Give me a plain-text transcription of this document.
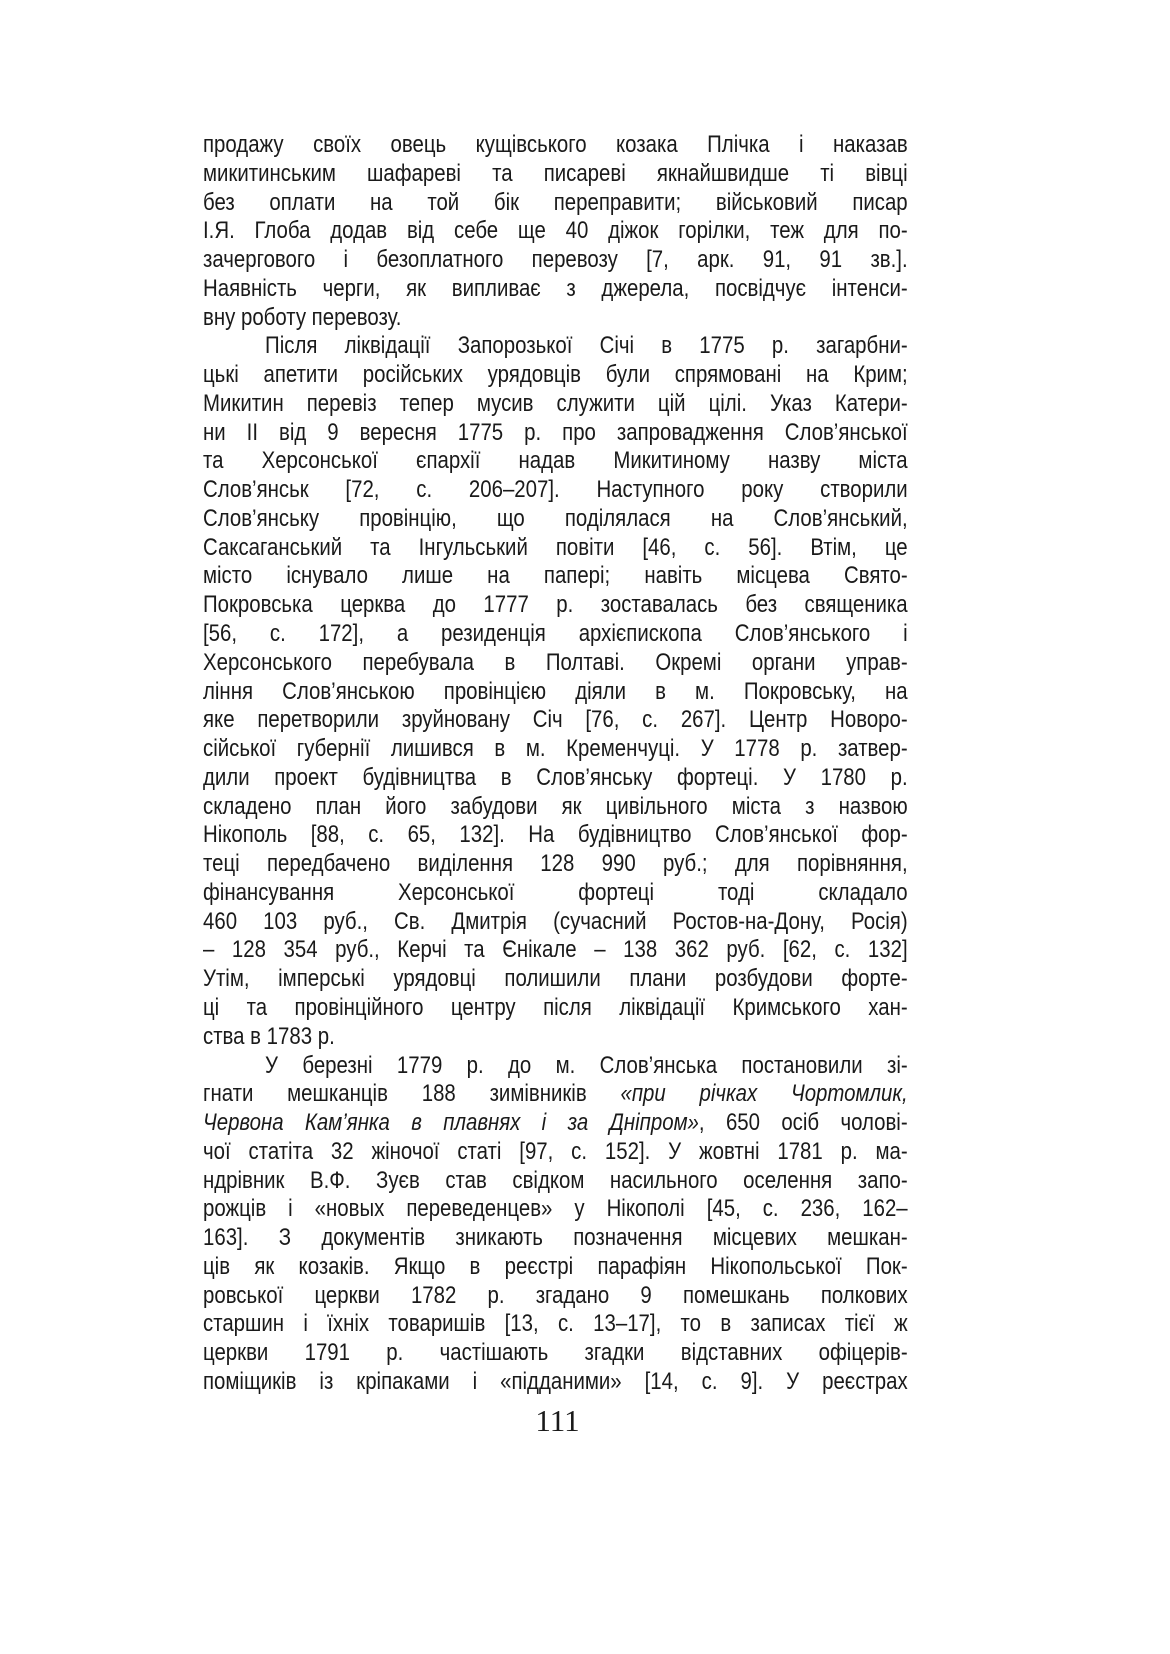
продажу своїх овець кущівського козака Плічка і наказав
микитинським шафареві та писареві якнайшвидше ті вівці
без оплати на той бік переправити; військовий писар
І.Я. Глоба додав від себе ще 40 діжок горілки, теж для по-
зачергового і безоплатного перевозу [7, арк. 91, 91 зв.].
Наявність черги, як випливає з джерела, посвідчує інтенси-
вну роботу перевозу.
Після ліквідації Запорозької Січі в 1775 р. загарбни-
цькі апетити російських урядовців були спрямовані на Крим;
Микитин перевіз тепер мусив служити цій цілі. Указ Катери-
ни II від 9 вересня 1775 р. про запровадження Слов’янської
та Херсонської єпархії надав Микитиному назву міста
Слов’янськ [72, с. 206–207]. Наступного року створили
Слов’янську провінцію, що поділялася на Слов’янський,
Саксаганський та Інгульський повіти [46, с. 56]. Втім, це
місто існувало лише на папері; навіть місцева Свято-
Покровська церква до 1777 р. зоставалась без священика
[56, с. 172], а резиденція архієпископа Слов’янського і
Херсонського перебувала в Полтаві. Окремі органи управ-
ління Слов’янською провінцією діяли в м. Покровську, на
яке перетворили зруйновану Січ [76, с. 267]. Центр Новоро-
сійської губернії лишився в м. Кременчуці. У 1778 р. затвер-
дили проект будівництва в Слов’янську фортеці. У 1780 р.
складено план його забудови як цивільного міста з назвою
Нікополь [88, с. 65, 132]. На будівництво Слов’янської фор-
теці передбачено виділення 128 990 руб.; для порівняння,
фінансування Херсонської фортеці тоді складало
460 103 руб., Св. Дмитрія (сучасний Ростов-на-Дону, Росія)
– 128 354 руб., Керчі та Єнікале – 138 362 руб. [62, с. 132]
Утім, імперські урядовці полишили плани розбудови форте-
ці та провінційного центру після ліквідації Кримського хан-
ства в 1783 р.
У березні 1779 р. до м. Слов’янська постановили зі-
гнати мешканців 188 зимівників «при річках Чортомлик,
Червона Кам’янка в плавнях і за Дніпром», 650 осіб чолові-
чої статіта 32 жіночої статі [97, с. 152]. У жовтні 1781 р. ма-
ндрівник В.Ф. Зуєв став свідком насильного оселення запо-
рожців і «новых переведенцев» у Нікополі [45, с. 236, 162–
163]. З документів зникають позначення місцевих мешкан-
ців як козаків. Якщо в реєстрі парафіян Нікопольської Пок-
ровської церкви 1782 р. згадано 9 помешкань полкових
старшин і їхніх товаришів [13, с. 13–17], то в записах тієї ж
церкви 1791 р. частішають згадки відставних офіцерів-
поміщиків із кріпаками і «підданими» [14, с. 9]. У реєстрах
111
